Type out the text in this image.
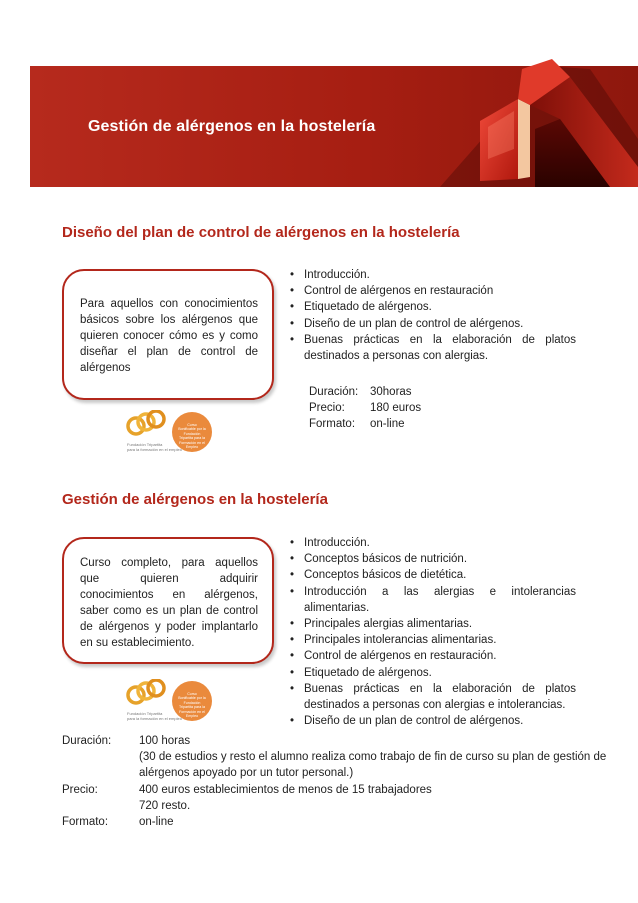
Gestión de alérgenos en la hostelería
Diseño del plan de control de alérgenos en la hostelería
Para aquellos con conocimientos básicos sobre los alérgenos que quieren conocer cómo es y como diseñar el plan de control de alérgenos
• Introducción.
• Control de alérgenos en restauración
• Etiquetado de alérgenos.
• Diseño de un plan de control de alérgenos.
• Buenas prácticas en la elaboración de platos destinados a personas con alergias.
Duración:	30horas
Precio:	180 euros
Formato:	on-line
Fundación Tripartita
para la formación en el empleo
Curso Bonificable por la Fundación Tripartita para la Formación en el Empleo
Gestión de alérgenos en la hostelería
Curso completo, para aquellos que quieren adquirir conocimientos en alérgenos, saber como es un plan de control de alérgenos y poder implantarlo en su establecimiento.
• Introducción.
• Conceptos básicos de nutrición.
• Conceptos básicos de dietética.
• Introducción a las alergias e intolerancias alimentarias.
• Principales alergias alimentarias.
• Principales intolerancias alimentarias.
• Control de alérgenos en restauración.
• Etiquetado de alérgenos.
• Buenas prácticas en la elaboración de platos destinados a personas con alergias e intolerancias.
• Diseño de un plan de control de alérgenos.
Fundación Tripartita
para la formación en el empleo
Curso Bonificable por la Fundación Tripartita para la Formación en el Empleo
Duración:	100 horas
(30 de estudios y resto el alumno realiza como trabajo de fin de curso su plan de gestión de alérgenos apoyado por un tutor personal.)
Precio:	400 euros establecimientos de menos de 15 trabajadores
720 resto.
Formato:	on-line
